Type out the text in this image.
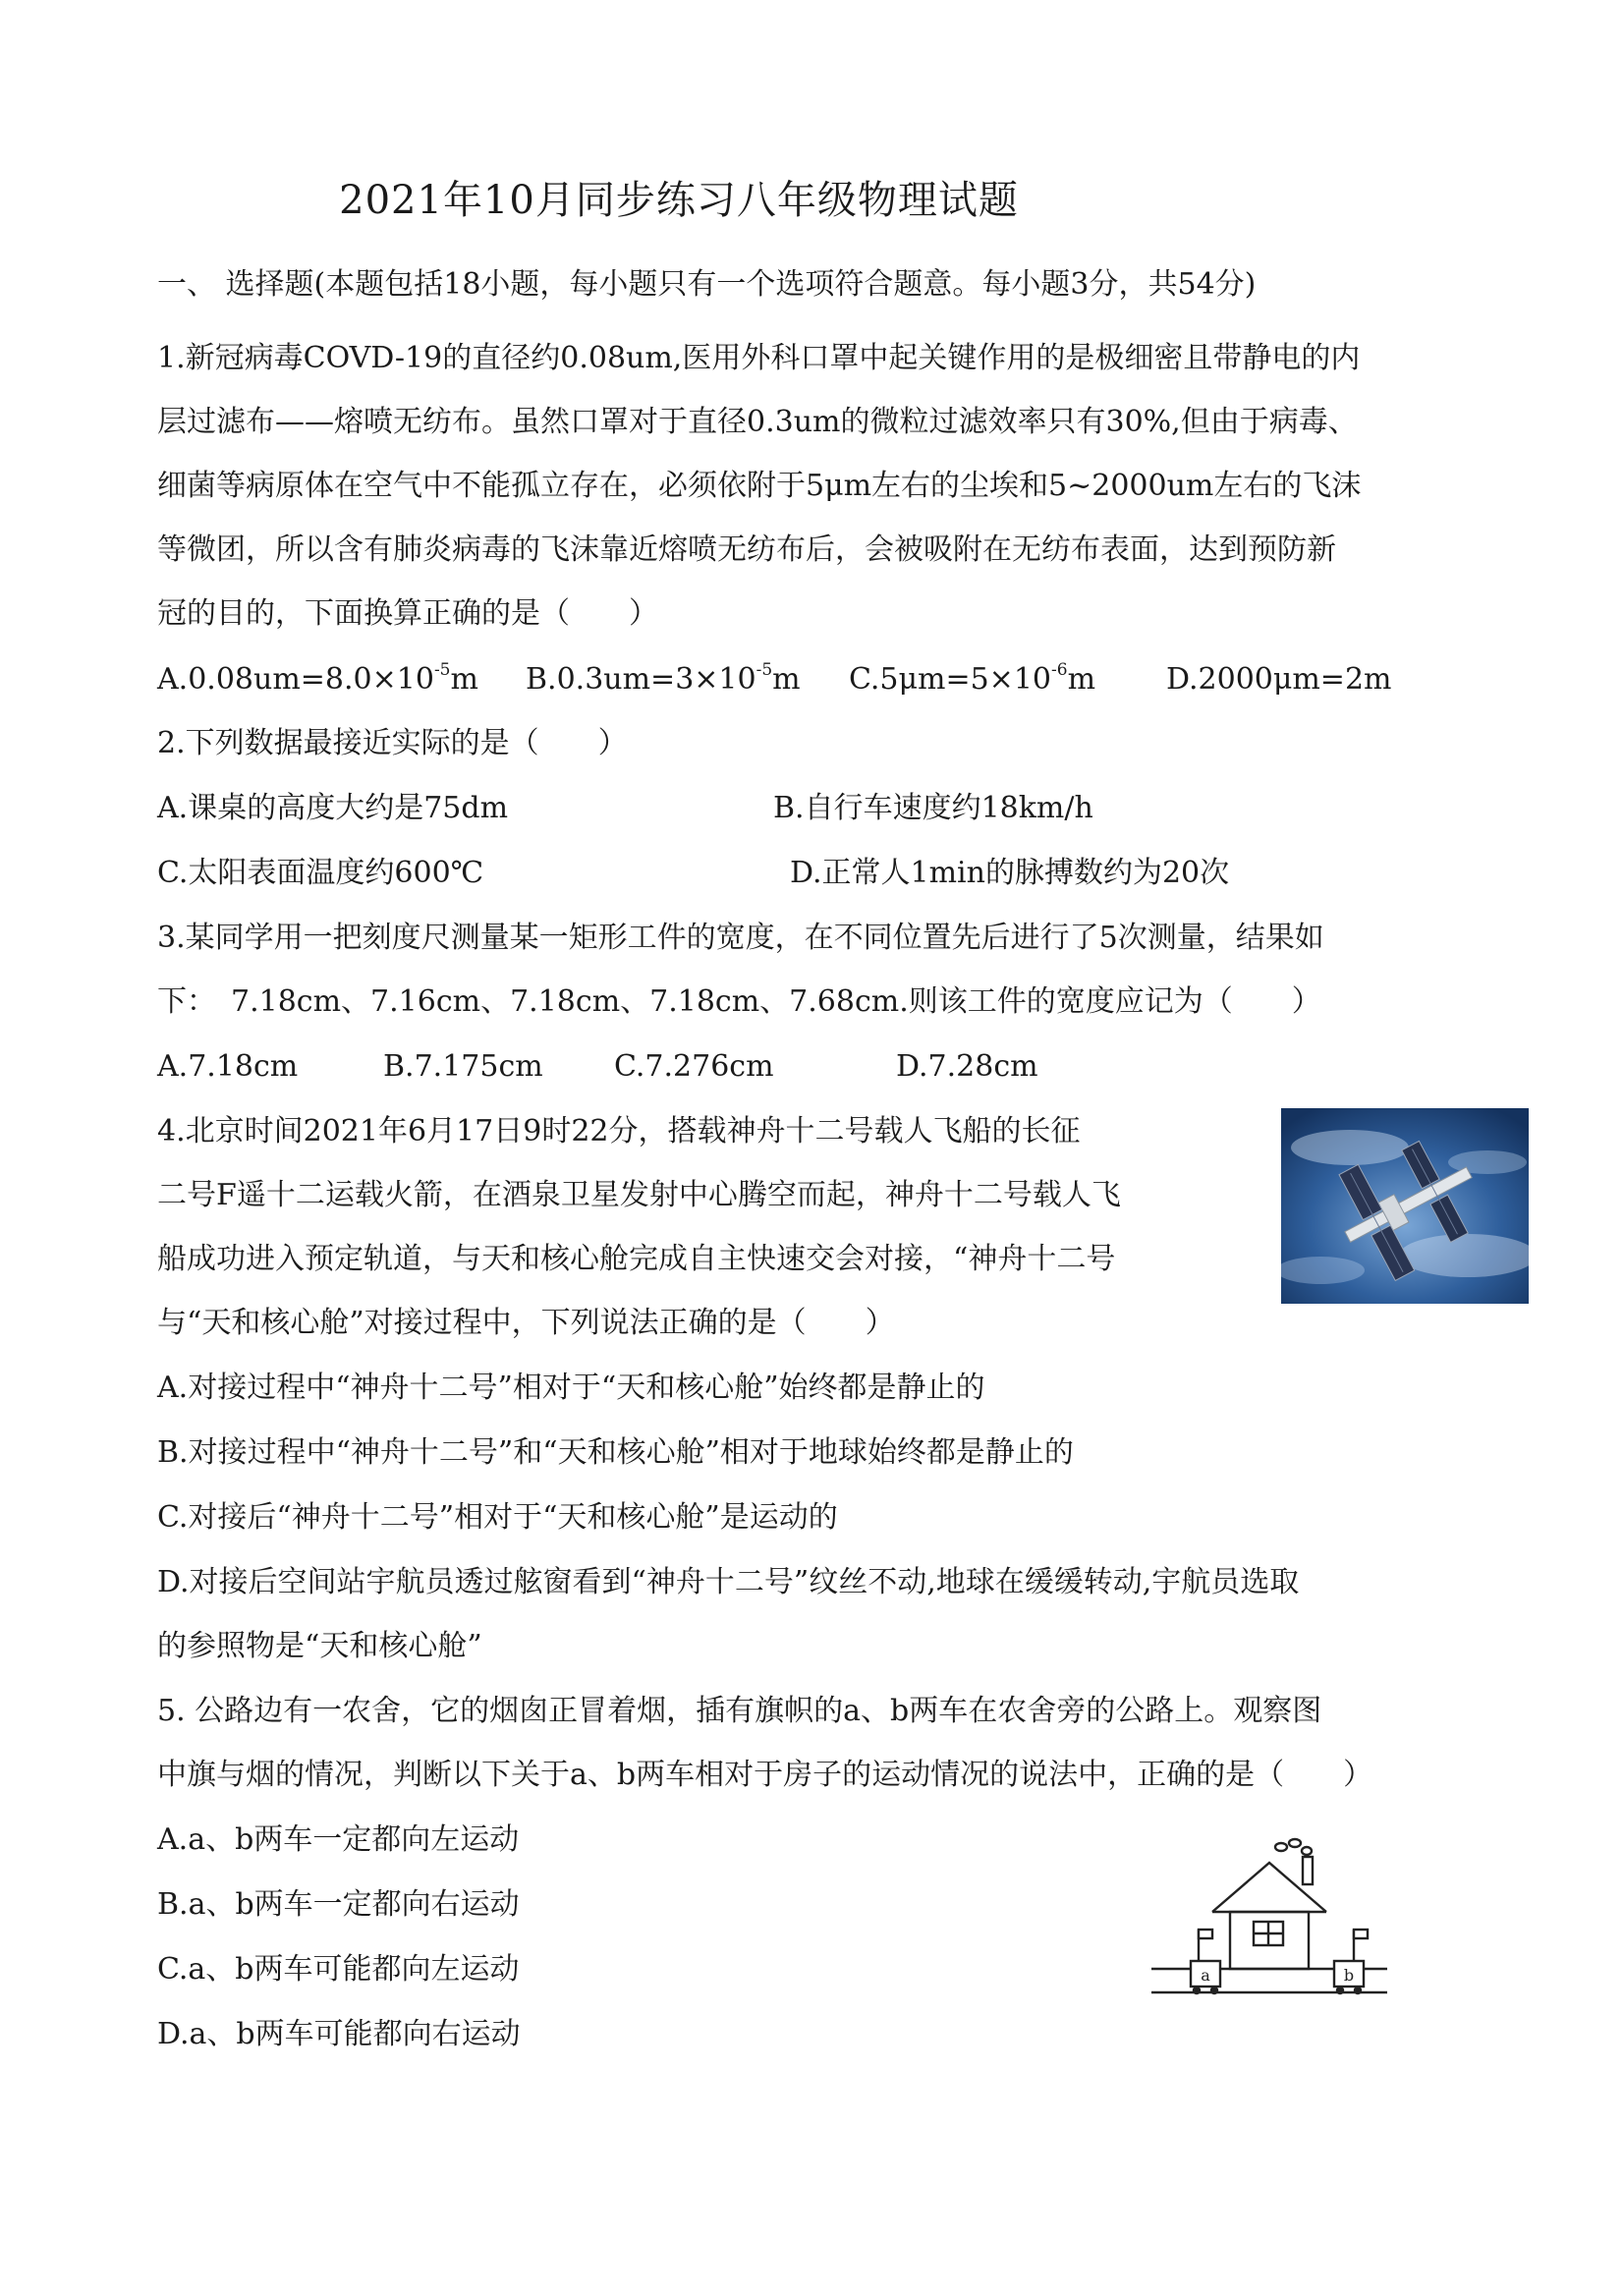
2021年10月同步练习八年级物理试题
一、 选择题(本题包括18小题，每小题只有一个选项符合题意。每小题3分，共54分)
1.新冠病毒COVD-19的直径约0.08um,医用外科口罩中起关键作用的是极细密且带静电的内
层过滤布——熔喷无纺布。虽然口罩对于直径0.3um的微粒过滤效率只有30%,但由于病毒、
细菌等病原体在空气中不能孤立存在，必须依附于5μm左右的尘埃和5~2000um左右的飞沫
等微团，所以含有肺炎病毒的飞沫靠近熔喷无纺布后，会被吸附在无纺布表面，达到预防新
冠的目的，下面换算正确的是（　　）
$A.0.08um=8.0\times 10^{-5}m$ $B.0.3um=3\times 10^{-5}m$ $C.5\mu m=5\times 10^{-6}m$ D.2000μm=2m
2.下列数据最接近实际的是（　　）
A.课桌的高度大约是75dm	B.自行车速度约18km/h
C.太阳表面温度约600℃	D.正常人1min的脉搏数约为20次
3.某同学用一把刻度尺测量某一矩形工件的宽度，在不同位置先后进行了5次测量，结果如
下：　7.18cm、7.16cm、7.18cm、7.18cm、7.68cm.则该工件的宽度应记为（　　）
A.7.18cm	B.7.175cm C.7.276cm	D.7.28cm
4.北京时间2021年6月17日9时22分，搭载神舟十二号载人飞船的长征
二号F遥十二运载火箭，在酒泉卫星发射中心腾空而起，神舟十二号载人飞
船成功进入预定轨道，与天和核心舱完成自主快速交会对接，“神舟十二号
与“天和核心舱”对接过程中，下列说法正确的是（　　）
A.对接过程中“神舟十二号”相对于“天和核心舱”始终都是静止的
B.对接过程中“神舟十二号”和“天和核心舱”相对于地球始终都是静止的
C.对接后“神舟十二号”相对于“天和核心舱”是运动的
D.对接后空间站宇航员透过舷窗看到“神舟十二号”纹丝不动,地球在缓缓转动,宇航员选取
的参照物是“天和核心舱”
5. 公路边有一农舍，它的烟囱正冒着烟，插有旗帜的a、b两车在农舍旁的公路上。观察图
中旗与烟的情况，判断以下关于a、b两车相对于房子的运动情况的说法中，正确的是（　　）
A.a、b两车一定都向左运动
B.a、b两车一定都向右运动
C.a、b两车可能都向左运动
D.a、b两车可能都向右运动
a	b
